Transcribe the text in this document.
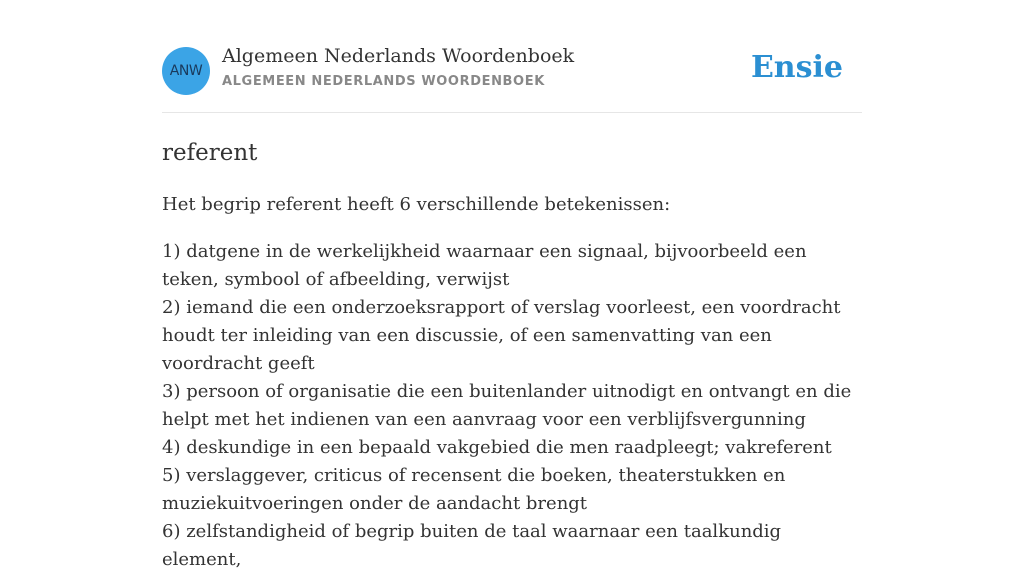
ANW
Algemeen Nederlands Woordenboek
ALGEMEEN NEDERLANDS WOORDENBOEK	Ensie
referent

Het begrip referent heeft 6 verschillende betekenissen:

1) datgene in de werkelijkheid waarnaar een signaal, bijvoorbeeld een teken, symbool of afbeelding, verwijst
2) iemand die een onderzoeksrapport of verslag voorleest, een voordracht houdt ter inleiding van een discussie, of een samenvatting van een voordracht geeft
3) persoon of organisatie die een buitenlander uitnodigt en ontvangt en die helpt met het indienen van een aanvraag voor een verblijfsvergunning
4) deskundige in een bepaald vakgebied die men raadpleegt; vakreferent
5) verslaggever, criticus of recensent die boeken, theaterstukken en muziekuitvoeringen onder de aandacht brengt
6) zelfstandigheid of begrip buiten de taal waarnaar een taalkundig element,
